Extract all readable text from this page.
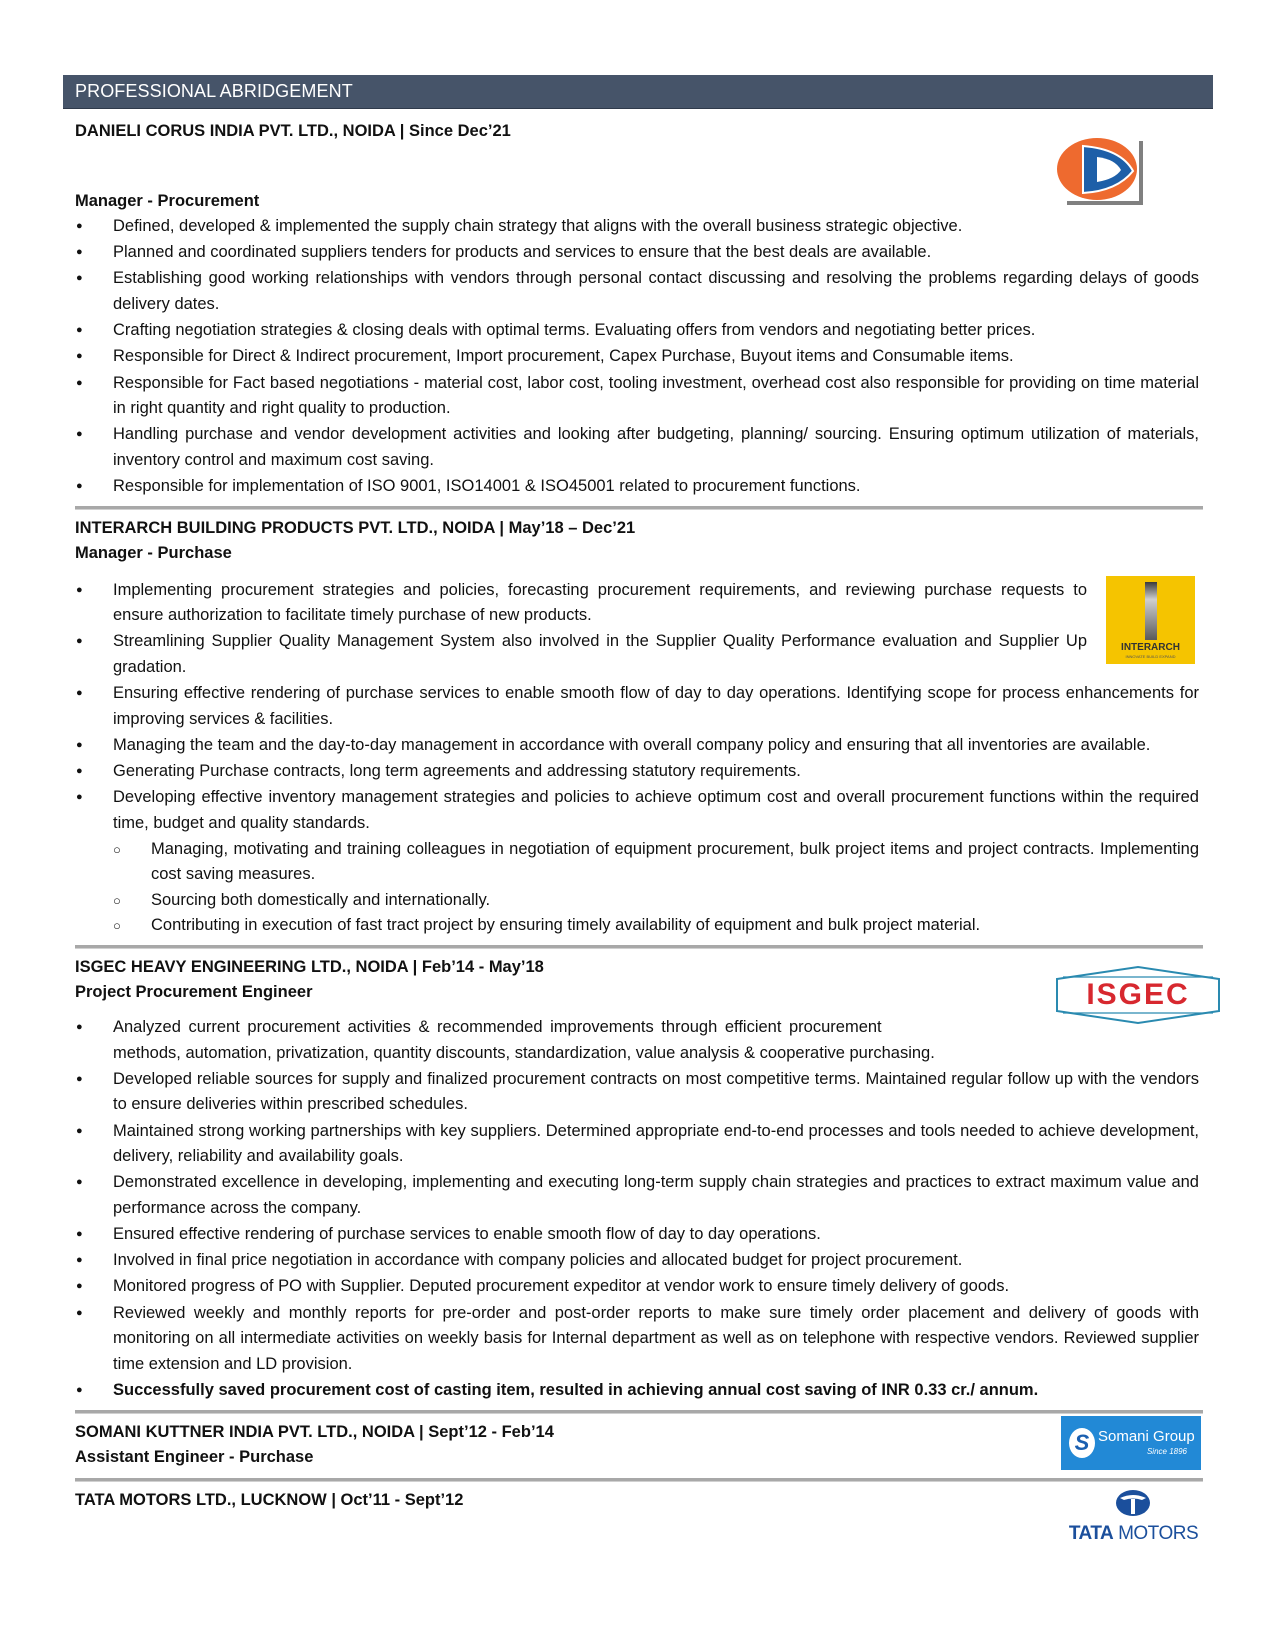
PROFESSIONAL ABRIDGEMENT
DANIELI CORUS INDIA PVT. LTD., NOIDA | Since Dec’21
Manager - Procurement
●
Defined, developed & implemented the supply chain strategy that aligns with the overall business strategic objective.
●
Planned and coordinated suppliers tenders for products and services to ensure that the best deals are available.
●
Establishing good working relationships with vendors through personal contact discussing and resolving the problems regarding delays of goods delivery dates.
●
Crafting negotiation strategies & closing deals with optimal terms. Evaluating offers from vendors and negotiating better prices.
●
Responsible for Direct & Indirect procurement, Import procurement, Capex Purchase, Buyout items and Consumable items.
●
Responsible for Fact based negotiations - material cost, labor cost, tooling investment, overhead cost also responsible for providing on time material in right quantity and right quality to production.
●
Handling purchase and vendor development activities and looking after budgeting, planning/ sourcing. Ensuring optimum utilization of materials, inventory control and maximum cost saving.
●
Responsible for implementation of ISO 9001, ISO14001 & ISO45001 related to procurement functions.
INTERARCH BUILDING PRODUCTS PVT. LTD., NOIDA | May’18 – Dec’21
Manager - Purchase
INTERARCH
INNOVATE BUILD EXPAND
●
Implementing procurement strategies and policies, forecasting procurement requirements, and reviewing purchase requests to ensure authorization to facilitate timely purchase of new products.
●
Streamlining Supplier Quality Management System also involved in the Supplier Quality Performance evaluation and Supplier Up gradation.
●
Ensuring effective rendering of purchase services to enable smooth flow of day to day operations. Identifying scope for process enhancements for improving services & facilities.
●
Managing the team and the day-to-day management in accordance with overall company policy and ensuring that all inventories are available.
●
Generating Purchase contracts, long term agreements and addressing statutory requirements.
●
Developing effective inventory management strategies and policies to achieve optimum cost and overall procurement functions within the required time, budget and quality standards.
○ Managing, motivating and training colleagues in negotiation of equipment procurement, bulk project items and project contracts. Implementing cost saving measures.
○ Sourcing both domestically and internationally.
○ Contributing in execution of fast tract project by ensuring timely availability of equipment and bulk project material.
ISGEC HEAVY ENGINEERING LTD., NOIDA | Feb’14 - May’18
Project Procurement Engineer	ISGEC
●
Analyzed current procurement activities & recommended improvements through efficient procurement
methods, automation, privatization, quantity discounts, standardization, value analysis & cooperative purchasing.
●
Developed reliable sources for supply and finalized procurement contracts on most competitive terms. Maintained regular follow up with the vendors to ensure deliveries within prescribed schedules.
●
Maintained strong working partnerships with key suppliers. Determined appropriate end-to-end processes and tools needed to achieve development, delivery, reliability and availability goals.
●
Demonstrated excellence in developing, implementing and executing long-term supply chain strategies and practices to extract maximum value and performance across the company.
●
Ensured effective rendering of purchase services to enable smooth flow of day to day operations.
●
Involved in final price negotiation in accordance with company policies and allocated budget for project procurement.
●
Monitored progress of PO with Supplier. Deputed procurement expeditor at vendor work to ensure timely delivery of goods.
●
Reviewed weekly and monthly reports for pre-order and post-order reports to make sure timely order placement and delivery of goods with monitoring on all intermediate activities on weekly basis for Internal department as well as on telephone with respective vendors. Reviewed supplier time extension and LD provision.
●
Successfully saved procurement cost of casting item, resulted in achieving annual cost saving of INR 0.33 cr./ annum.
SOMANI KUTTNER INDIA PVT. LTD., NOIDA | Sept’12 - Feb’14
Assistant Engineer - Purchase
S Somani Group
Since 1896
TATA MOTORS LTD., LUCKNOW | Oct’11 - Sept’12
TATA MOTORS
